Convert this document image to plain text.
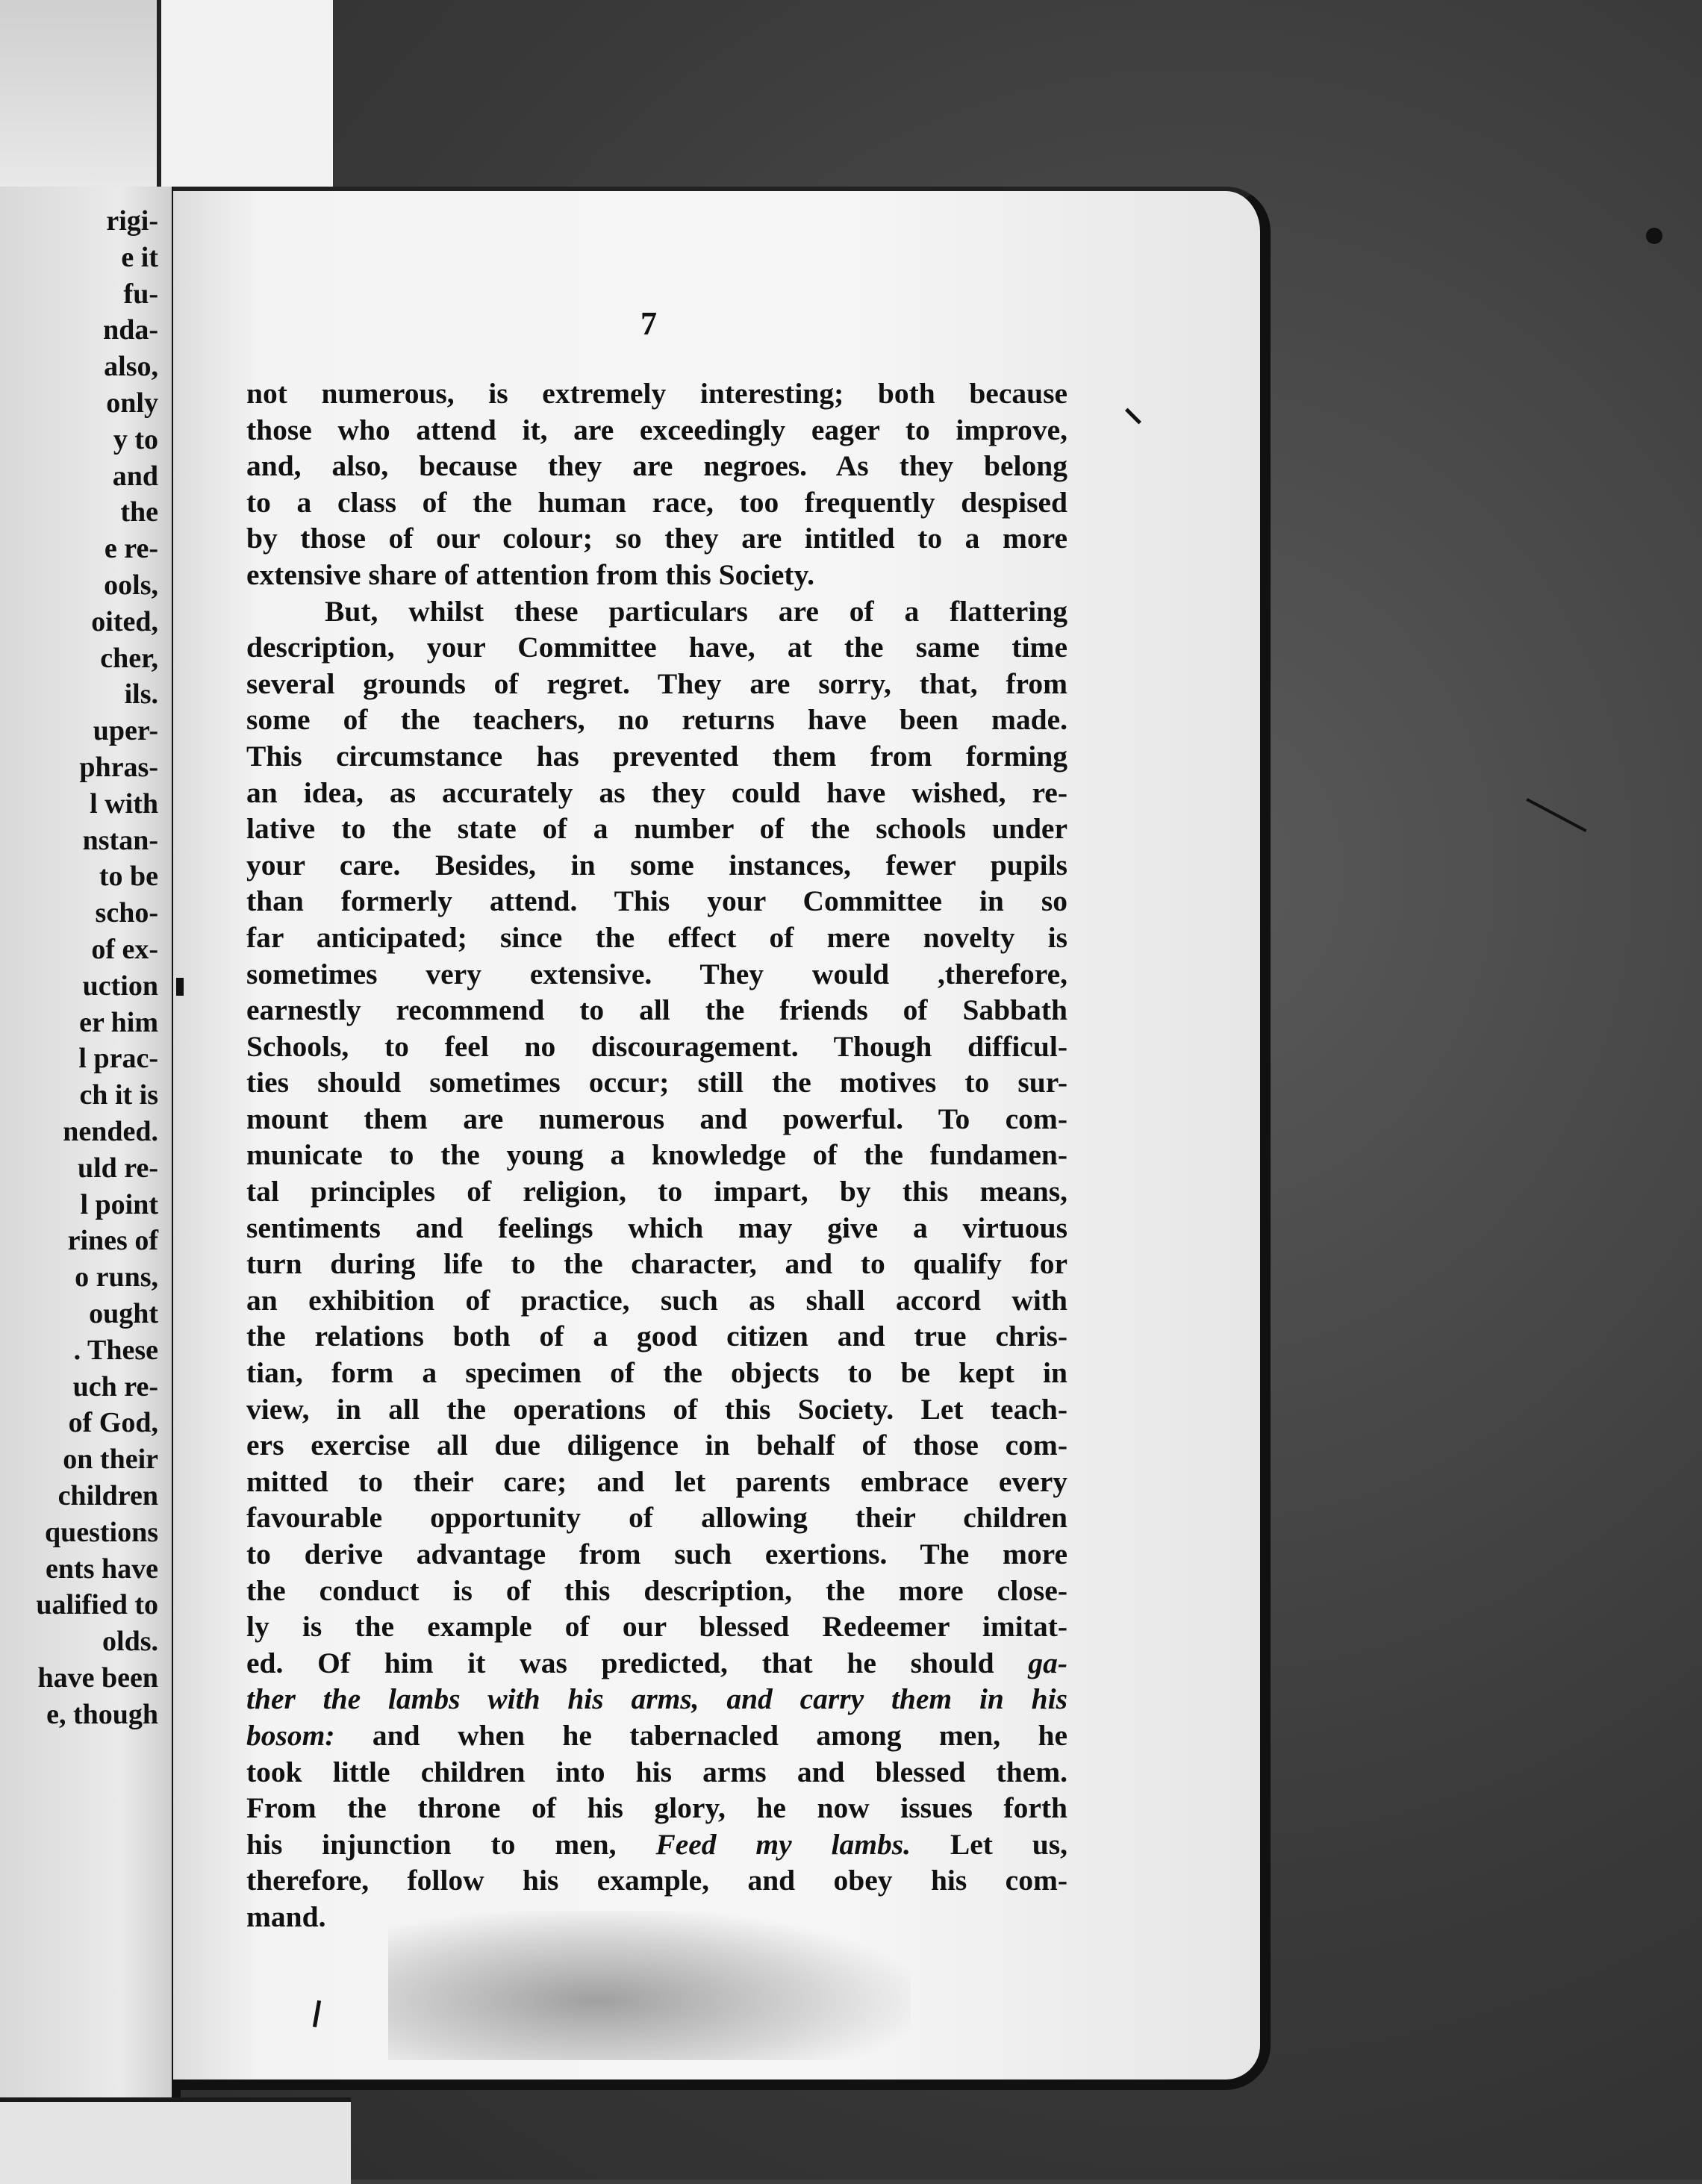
rigi-
e it
fu-
nda-
also,
only
y to
and
the
e re-
ools,
oited,
cher,
ils.
uper-
phras-
l with
nstan-
to be
scho-
of ex-
uction
er him
l prac-
ch it is
nended.
uld re-
l point
rines of
o runs,
ought
. These
uch re-
of God,
on their
children
questions
ents have
ualified to
olds.
have been
e, though
7
not numerous, is extremely interesting; both because
those who attend it, are exceedingly eager to improve,
and, also, because they are negroes. As they belong
to a class of the human race, too frequently despised
by those of our colour; so they are intitled to a more
extensive share of attention from this Society.
But, whilst these particulars are of a flattering
description, your Committee have, at the same time
several grounds of regret. They are sorry, that, from
some of the teachers, no returns have been made.
This circumstance has prevented them from forming
an idea, as accurately as they could have wished, re-
lative to the state of a number of the schools under
your care. Besides, in some instances, fewer pupils
than formerly attend. This your Committee in so
far anticipated; since the effect of mere novelty is
sometimes very extensive. They would ,therefore,
earnestly recommend to all the friends of Sabbath
Schools, to feel no discouragement. Though difficul-
ties should sometimes occur; still the motives to sur-
mount them are numerous and powerful. To com-
municate to the young a knowledge of the fundamen-
tal principles of religion, to impart, by this means,
sentiments and feelings which may give a virtuous
turn during life to the character, and to qualify for
an exhibition of practice, such as shall accord with
the relations both of a good citizen and true chris-
tian, form a specimen of the objects to be kept in
view, in all the operations of this Society. Let teach-
ers exercise all due diligence in behalf of those com-
mitted to their care; and let parents embrace every
favourable opportunity of allowing their children
to derive advantage from such exertions. The more
the conduct is of this description, the more close-
ly is the example of our blessed Redeemer imitat-
ed. Of him it was predicted, that he should ga-
ther the lambs with his arms, and carry them in his
bosom: and when he tabernacled among men, he
took little children into his arms and blessed them.
From the throne of his glory, he now issues forth
his injunction to men, Feed my lambs. Let us,
therefore, follow his example, and obey his com-
mand.
